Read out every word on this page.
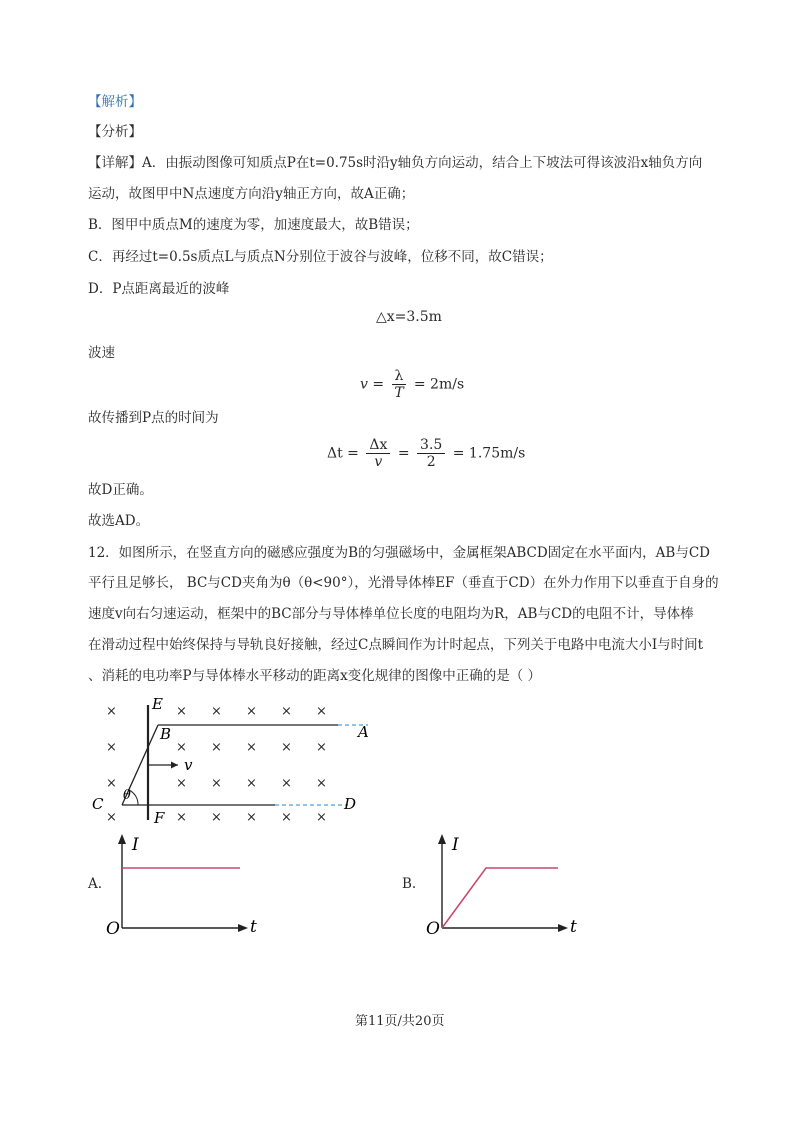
【解析】
【分析】
【详解】A．由振动图像可知质点P在t=0.75s时沿y轴负方向运动，结合上下坡法可得该波沿x轴负方向
运动，故图甲中N点速度方向沿y轴正方向，故A正确；
B．图甲中质点M的速度为零，加速度最大，故B错误；
C．再经过t=0.5s质点L与质点N分别位于波谷与波峰，位移不同，故C错误；
D．P点距离最近的波峰
△x=3.5m
波速
$v = \frac{\lambda}{T} = 2m/s$
故传播到P点的时间为
$\Delta t = \frac{\Delta x}{v} = \frac{3.5}{2} = 1.75m/s$
故D正确。
故选AD。
12．如图所示，在竖直方向的磁感应强度为B的匀强磁场中，金属框架ABCD固定在水平面内，AB与CD
平行且足够长， BC与CD夹角为θ（θ<90°），光滑导体棒EF（垂直于CD）在外力作用下以垂直于自身的
速度v向右匀速运动，框架中的BC部分与导体棒单位长度的电阻均为R，AB与CD的电阻不计，导体棒
在滑动过程中始终保持与导轨良好接触，经过C点瞬间作为计时起点，下列关于电路中电流大小I与时间t
、消耗的电功率P与导体棒水平移动的距离x变化规律的图像中正确的是（ ）
×	× × × × ×
×	× × × × ×
×	× × × × ×
×	× × × × ×
E
B	A
v
θ
C	D
F
A.
I
t
O
B.
I
t
O
第11页/共20页
